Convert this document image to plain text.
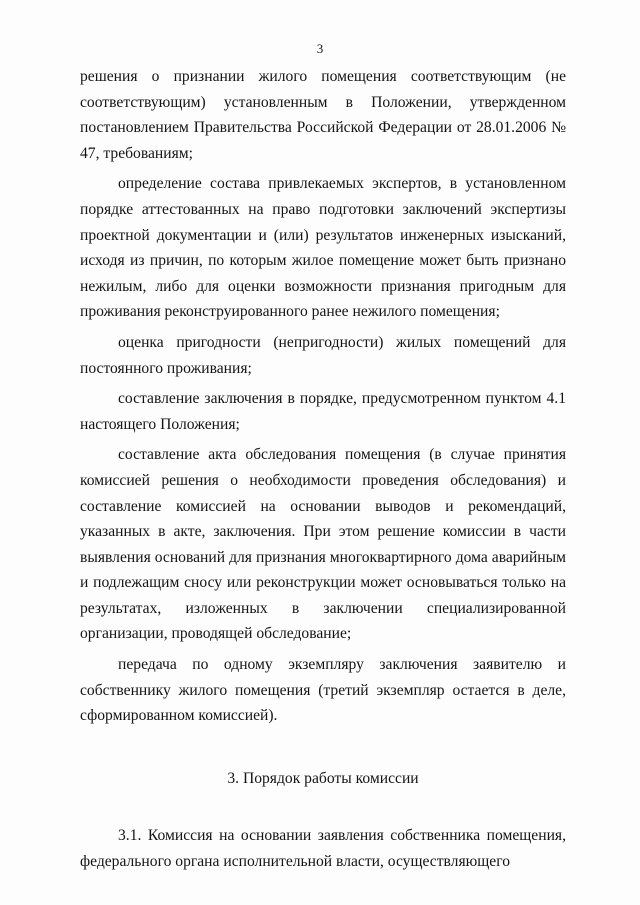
3

решения о признании жилого помещения соответствующим (не соответствующим) установленным в Положении, утвержденном постановлением Правительства Российской Федерации от 28.01.2006 № 47, требованиям;

определение состава привлекаемых экспертов, в установленном порядке аттестованных на право подготовки заключений экспертизы проектной документации и (или) результатов инженерных изысканий, исходя из причин, по которым жилое помещение может быть признано нежилым, либо для оценки возможности признания пригодным для проживания реконструированного ранее нежилого помещения;

оценка пригодности (непригодности) жилых помещений для постоянного проживания;

составление заключения в порядке, предусмотренном пунктом 4.1 настоящего Положения;

составление акта обследования помещения (в случае принятия комиссией решения о необходимости проведения обследования) и составление комиссией на основании выводов и рекомендаций, указанных в акте, заключения. При этом решение комиссии в части выявления оснований для признания многоквартирного дома аварийным и подлежащим сносу или реконструкции может основываться только на результатах, изложенных в заключении специализированной организации, проводящей обследование;

передача по одному экземпляру заключения заявителю и собственнику жилого помещения (третий экземпляр остается в деле, сформированном комиссией).

3. Порядок работы комиссии

3.1. Комиссия на основании заявления собственника помещения, федерального органа исполнительной власти, осуществляющего
